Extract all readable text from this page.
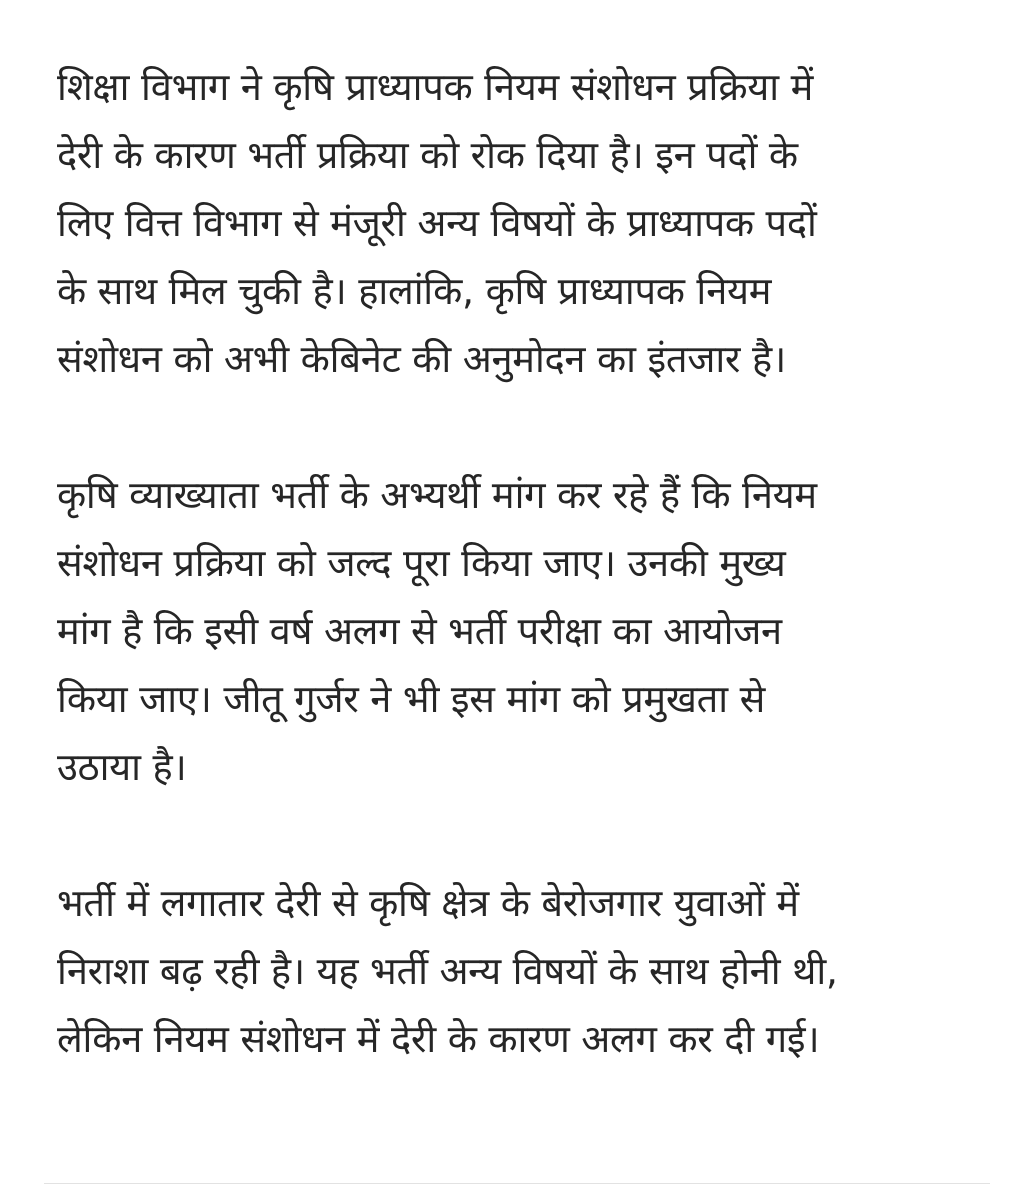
शिक्षा विभाग ने कृषि प्राध्यापक नियम संशोधन प्रक्रिया में
देरी के कारण भर्ती प्रक्रिया को रोक दिया है। इन पदों के
लिए वित्त विभाग से मंजूरी अन्य विषयों के प्राध्यापक पदों
के साथ मिल चुकी है। हालांकि, कृषि प्राध्यापक नियम
संशोधन को अभी केबिनेट की अनुमोदन का इंतजार है।

कृषि व्याख्याता भर्ती के अभ्यर्थी मांग कर रहे हैं कि नियम
संशोधन प्रक्रिया को जल्द पूरा किया जाए। उनकी मुख्य
मांग है कि इसी वर्ष अलग से भर्ती परीक्षा का आयोजन
किया जाए। जीतू गुर्जर ने भी इस मांग को प्रमुखता से
उठाया है।

भर्ती में लगातार देरी से कृषि क्षेत्र के बेरोजगार युवाओं में
निराशा बढ़ रही है। यह भर्ती अन्य विषयों के साथ होनी थी,
लेकिन नियम संशोधन में देरी के कारण अलग कर दी गई।
